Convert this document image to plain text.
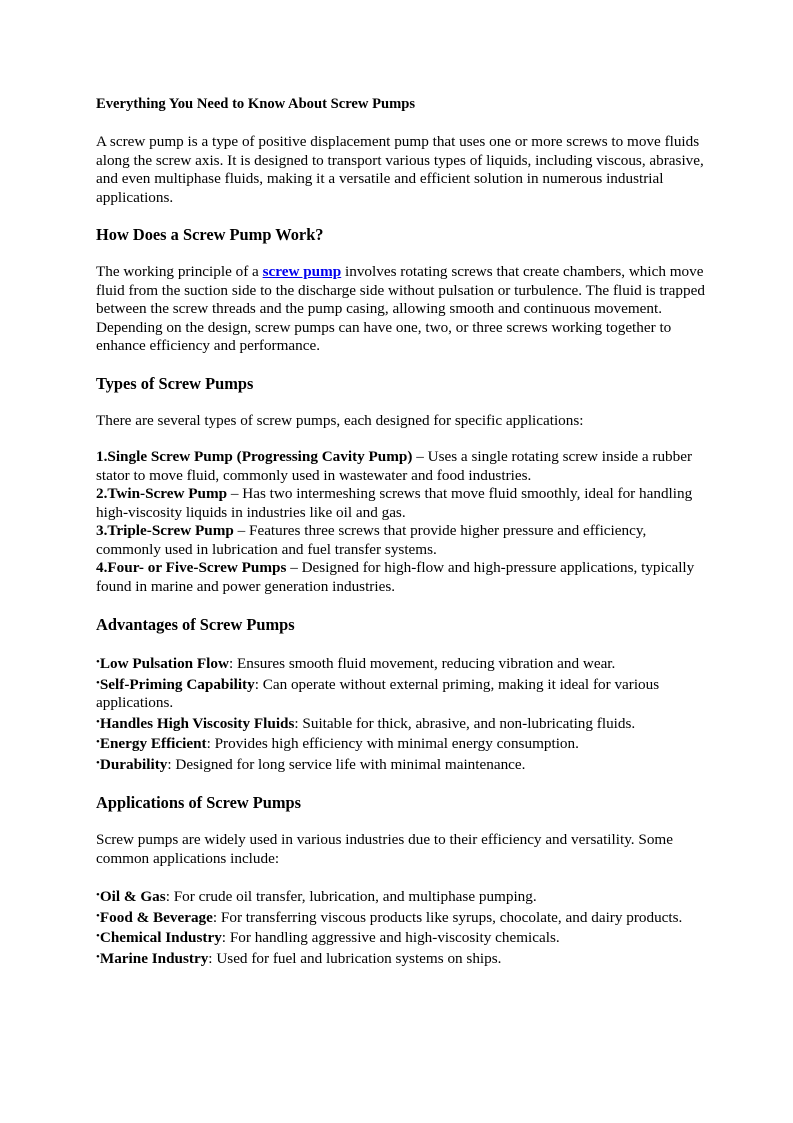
Everything You Need to Know About Screw Pumps

A screw pump is a type of positive displacement pump that uses one or more screws to move fluids along the screw axis. It is designed to transport various types of liquids, including viscous, abrasive, and even multiphase fluids, making it a versatile and efficient solution in numerous industrial applications.

How Does a Screw Pump Work?

The working principle of a screw pump involves rotating screws that create chambers, which move fluid from the suction side to the discharge side without pulsation or turbulence. The fluid is trapped between the screw threads and the pump casing, allowing smooth and continuous movement. Depending on the design, screw pumps can have one, two, or three screws working together to enhance efficiency and performance.

Types of Screw Pumps

There are several types of screw pumps, each designed for specific applications:

1.Single Screw Pump (Progressing Cavity Pump) – Uses a single rotating screw inside a rubber stator to move fluid, commonly used in wastewater and food industries.
2.Twin-Screw Pump – Has two intermeshing screws that move fluid smoothly, ideal for handling high-viscosity liquids in industries like oil and gas.
3.Triple-Screw Pump – Features three screws that provide higher pressure and efficiency, commonly used in lubrication and fuel transfer systems.
4.Four- or Five-Screw Pumps – Designed for high-flow and high-pressure applications, typically found in marine and power generation industries.
Advantages of Screw Pumps
•Low Pulsation Flow: Ensures smooth fluid movement, reducing vibration and wear.
•Self-Priming Capability: Can operate without external priming, making it ideal for various applications.
•Handles High Viscosity Fluids: Suitable for thick, abrasive, and non-lubricating fluids.
•Energy Efficient: Provides high efficiency with minimal energy consumption.
•Durability: Designed for long service life with minimal maintenance.
Applications of Screw Pumps

Screw pumps are widely used in various industries due to their efficiency and versatility. Some common applications include:

•Oil & Gas: For crude oil transfer, lubrication, and multiphase pumping.
•Food & Beverage: For transferring viscous products like syrups, chocolate, and dairy products.
•Chemical Industry: For handling aggressive and high-viscosity chemicals.
•Marine Industry: Used for fuel and lubrication systems on ships.
